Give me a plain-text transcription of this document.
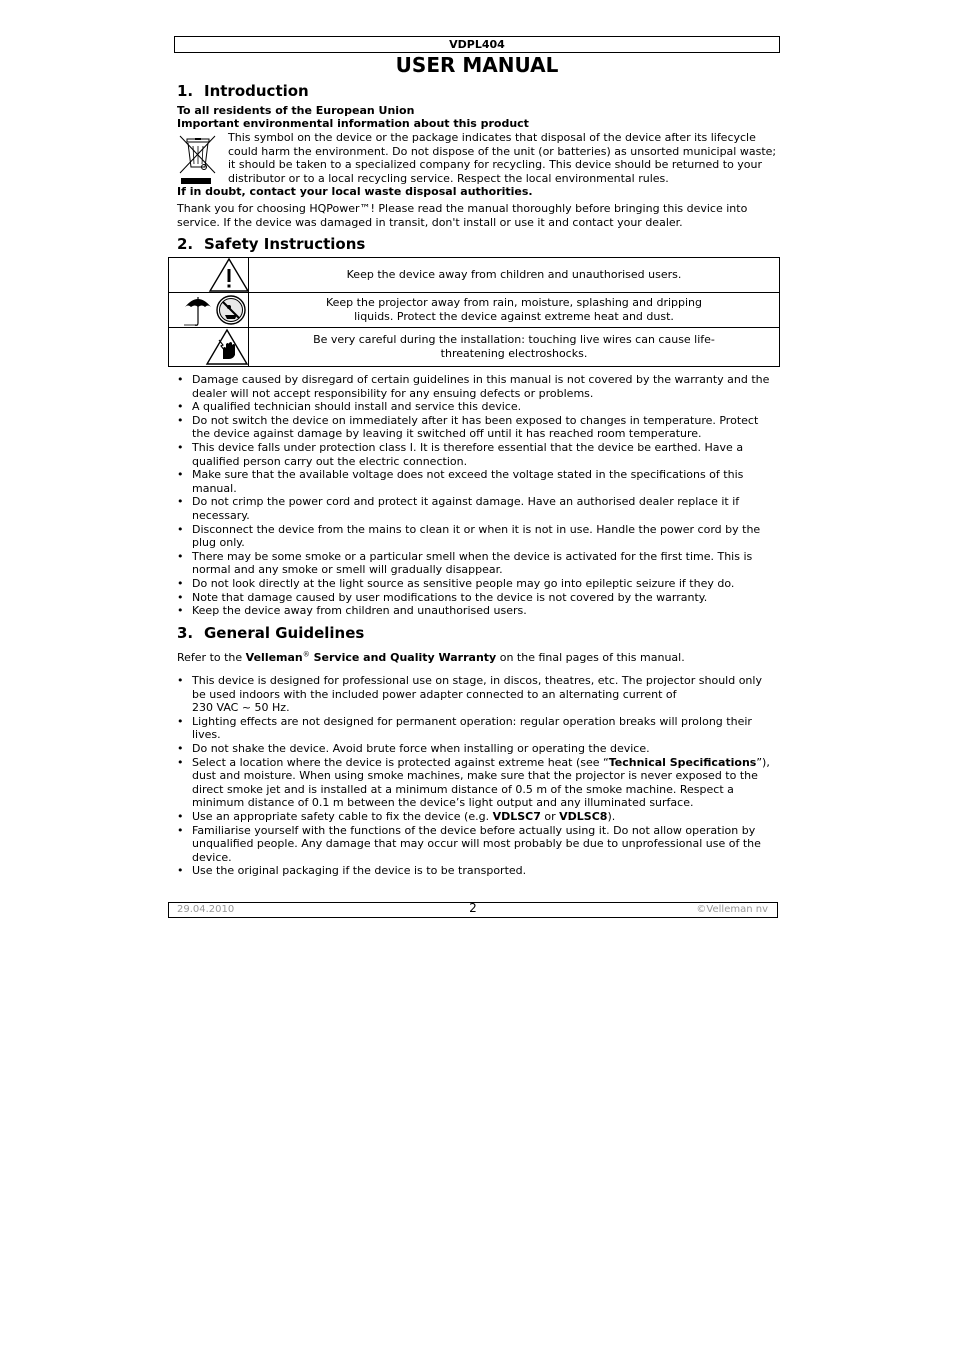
VDPL404
USER MANUAL
1. Introduction
To all residents of the European Union
Important environmental information about this product
This symbol on the device or the package indicates that disposal of the device after its lifecycle could harm the environment. Do not dispose of the unit (or batteries) as unsorted municipal waste; it should be taken to a specialized company for recycling. This device should be returned to your distributor or to a local recycling service. Respect the local environmental rules.
If in doubt, contact your local waste disposal authorities.
Thank you for choosing HQPower™! Please read the manual thoroughly before bringing this device into service. If the device was damaged in transit, don't install or use it and contact your dealer.
2. Safety Instructions
	Keep the device away from children and unauthorised users.

Keep the projector away from rain, moisture, splashing and dripping
liquids. Protect the device against extreme heat and dust.

Be very careful during the installation: touching live wires can cause life-
threatening electroshocks.
• Damage caused by disregard of certain guidelines in this manual is not covered by the warranty and the dealer will not accept responsibility for any ensuing defects or problems.
• A qualified technician should install and service this device.
• Do not switch the device on immediately after it has been exposed to changes in temperature. Protect the device against damage by leaving it switched off until it has reached room temperature.
• This device falls under protection class I. It is therefore essential that the device be earthed. Have a qualified person carry out the electric connection.
• Make sure that the available voltage does not exceed the voltage stated in the specifications of this manual.
• Do not crimp the power cord and protect it against damage. Have an authorised dealer replace it if necessary.
• Disconnect the device from the mains to clean it or when it is not in use. Handle the power cord by the plug only.
• There may be some smoke or a particular smell when the device is activated for the first time. This is normal and any smoke or smell will gradually disappear.
• Do not look directly at the light source as sensitive people may go into epileptic seizure if they do.
• Note that damage caused by user modifications to the device is not covered by the warranty.
• Keep the device away from children and unauthorised users.
3. General Guidelines
Refer to the Velleman® Service and Quality Warranty on the final pages of this manual.
• This device is designed for professional use on stage, in discos, theatres, etc. The projector should only be used indoors with the included power adapter connected to an alternating current of
230 VAC ~ 50 Hz.
• Lighting effects are not designed for permanent operation: regular operation breaks will prolong their lives.
• Do not shake the device. Avoid brute force when installing or operating the device.
• Select a location where the device is protected against extreme heat (see “Technical Specifications”), dust and moisture. When using smoke machines, make sure that the projector is never exposed to the direct smoke jet and is installed at a minimum distance of 0.5 m of the smoke machine. Respect a minimum distance of 0.1 m between the device’s light output and any illuminated surface.
• Use an appropriate safety cable to fix the device (e.g. VDLSC7 or VDLSC8).
• Familiarise yourself with the functions of the device before actually using it. Do not allow operation by unqualified people. Any damage that may occur will most probably be due to unprofessional use of the device.
• Use the original packaging if the device is to be transported.
29.04.2010	2	©Velleman nv
